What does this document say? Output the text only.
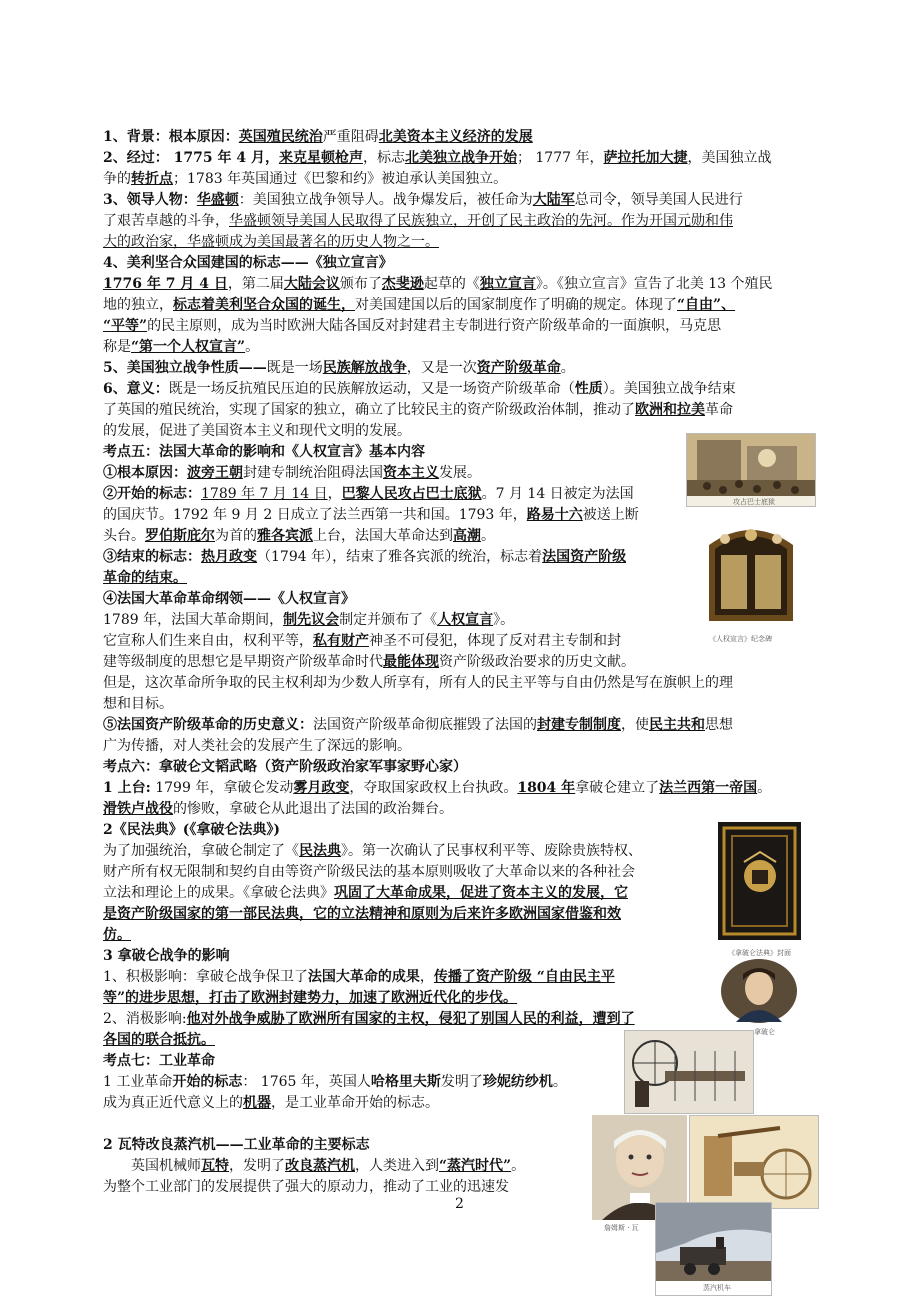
1、背景：根本原因：英国殖民统治严重阻碍北美资本主义经济的发展
2、经过： 1775 年 4 月，来克星顿枪声，标志北美独立战争开始； 1777 年，萨拉托加大捷，美国独立战
争的转折点；1783 年英国通过《巴黎和约》被迫承认美国独立。
3、领导人物：华盛顿：美国独立战争领导人。战争爆发后，被任命为大陆军总司令，领导美国人民进行
了艰苦卓越的斗争，华盛顿领导美国人民取得了民族独立，开创了民主政治的先河。作为开国元勋和伟
大的政治家，华盛顿成为美国最著名的历史人物之一。
4、美利坚合众国建国的标志——《独立宣言》
1776 年 7 月 4 日，第二届大陆会议颁布了杰斐逊起草的《独立宣言》。《独立宣言》宣告了北美 13 个殖民
地的独立，标志着美利坚合众国的诞生，对美国建国以后的国家制度作了明确的规定。体现了“自由”、
“平等”的民主原则，成为当时欧洲大陆各国反对封建君主专制进行资产阶级革命的一面旗帜，马克思
称是“第一个人权宣言”。
5、美国独立战争性质——既是一场民族解放战争，又是一次资产阶级革命。
6、意义：既是一场反抗殖民压迫的民族解放运动，又是一场资产阶级革命（性质）。美国独立战争结束
了英国的殖民统治，实现了国家的独立，确立了比较民主的资产阶级政治体制，推动了欧洲和拉美革命
的发展，促进了美国资本主义和现代文明的发展。
考点五：法国大革命的影响和《人权宣言》基本内容
①根本原因：波旁王朝封建专制统治阻碍法国资本主义发展。
②开始的标志：1789 年 7 月 14 日，巴黎人民攻占巴士底狱。7 月 14 日被定为法国
的国庆节。1792 年 9 月 2 日成立了法兰西第一共和国。1793 年，路易十六被送上断
头台。罗伯斯庇尔为首的雅各宾派上台，法国大革命达到高潮。
③结束的标志：热月政变（1794 年），结束了雅各宾派的统治，标志着法国资产阶级
革命的结束。
④法国大革命革命纲领——《人权宣言》
1789 年，法国大革命期间，制先议会制定并颁布了《人权宣言》。
它宣称人们生来自由，权利平等，私有财产神圣不可侵犯，体现了反对君主专制和封
建等级制度的思想它是早期资产阶级革命时代最能体现资产阶级政治要求的历史文献。
但是，这次革命所争取的民主权利却为少数人所享有，所有人的民主平等与自由仍然是写在旗帜上的理
想和目标。
⑤法国资产阶级革命的历史意义：法国资产阶级革命彻底摧毁了法国的封建专制制度，使民主共和思想
广为传播，对人类社会的发展产生了深远的影响。
考点六：拿破仑文韬武略（资产阶级政治家军事家野心家）
1 上台: 1799 年，拿破仑发动雾月政变，夺取国家政权上台执政。1804 年拿破仑建立了法兰西第一帝国。
滑铁卢战役的惨败，拿破仑从此退出了法国的政治舞台。
2《民法典》(《拿破仑法典》)
为了加强统治，拿破仑制定了《民法典》。第一次确认了民事权利平等、废除贵族特权、
财产所有权无限制和契约自由等资产阶级民法的基本原则吸收了大革命以来的各种社会
立法和理论上的成果。《拿破仑法典》巩固了大革命成果，促进了资本主义的发展，它
是资产阶级国家的第一部民法典，它的立法精神和原则为后来许多欧洲国家借鉴和效
仿。
3 拿破仑战争的影响
1、积极影响：拿破仑战争保卫了法国大革命的成果，传播了资产阶级 “自由民主平
等”的进步思想，打击了欧洲封建势力，加速了欧洲近代化的步伐。
2、消极影响:他对外战争威胁了欧洲所有国家的主权，侵犯了别国人民的利益，遭到了
各国的联合抵抗。
考点七：工业革命
1 工业革命开始的标志： 1765 年，英国人哈格里夫斯发明了珍妮纺纱机。
成为真正近代意义上的机器，是工业革命开始的标志。
2 瓦特改良蒸汽机——工业革命的主要标志
英国机械师瓦特，发明了改良蒸汽机，人类进入到“蒸汽时代”。
为整个工业部门的发展提供了强大的原动力，推动了工业的迅速发
2
攻占巴士底狱
《人权宣言》纪念碑
《拿破仑法典》封面
拿破仑
詹姆斯 · 瓦
蒸汽机车
